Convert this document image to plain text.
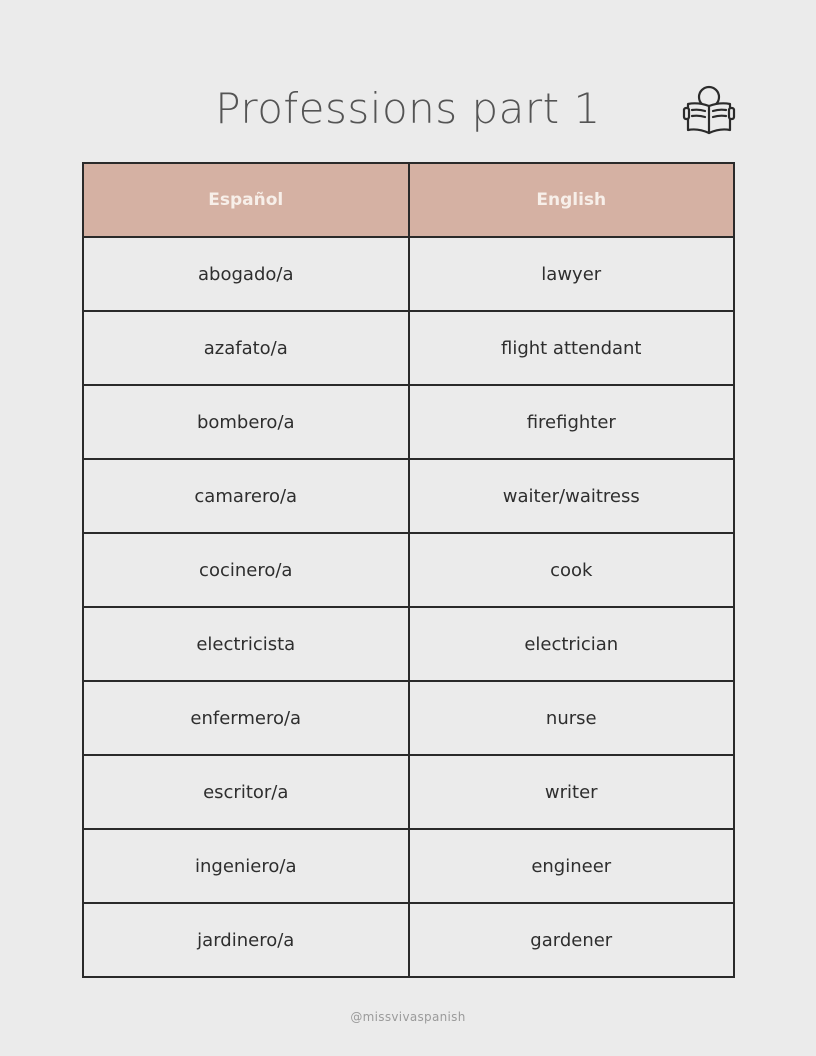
Professions part 1
Español	English
abogado/a	lawyer
azafato/a	flight attendant
bombero/a	firefighter
camarero/a	waiter/waitress
cocinero/a	cook
electricista	electrician
enfermero/a	nurse
escritor/a	writer
ingeniero/a	engineer
jardinero/a	gardener
@missvivaspanish
